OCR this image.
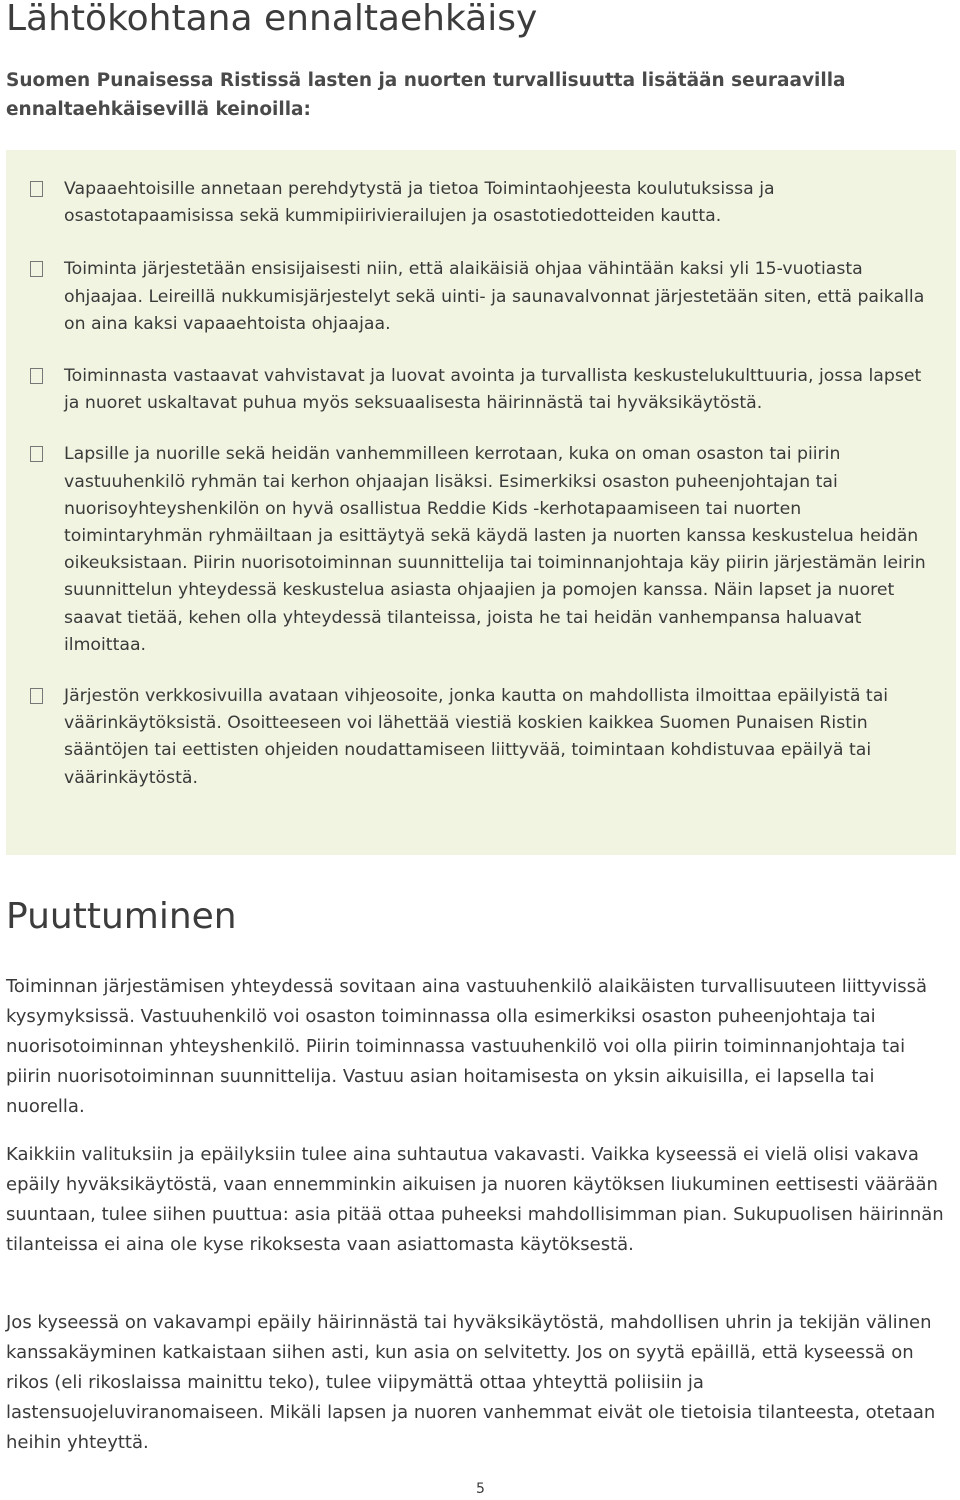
Lähtökohtana ennaltaehkäisy

Suomen Punaisessa Ristissä lasten ja nuorten turvallisuutta lisätään seuraavilla ennaltaehkäisevillä keinoilla:

Vapaaehtoisille annetaan perehdytystä ja tietoa Toimintaohjeesta koulutuksissa ja osastotapaamisissa sekä kummipiirivierailujen ja osastotiedotteiden kautta.
Toiminta järjestetään ensisijaisesti niin, että alaikäisiä ohjaa vähintään kaksi yli 15-vuotiasta ohjaajaa. Leireillä nukkumisjärjestelyt sekä uinti- ja saunavalvonnat järjestetään siten, että paikalla on aina kaksi vapaaehtoista ohjaajaa.
Toiminnasta vastaavat vahvistavat ja luovat avointa ja turvallista keskustelukulttuuria, jossa lapset ja nuoret uskaltavat puhua myös seksuaalisesta häirinnästä tai hyväksikäytöstä.
Lapsille ja nuorille sekä heidän vanhemmilleen kerrotaan, kuka on oman osaston tai piirin vastuuhenkilö ryhmän tai kerhon ohjaajan lisäksi. Esimerkiksi osaston puheenjohtajan tai nuorisoyhteyshenkilön on hyvä osallistua Reddie Kids -kerhotapaamiseen tai nuorten toimintaryhmän ryhmäiltaan ja esittäytyä sekä käydä lasten ja nuorten kanssa keskustelua heidän oikeuksistaan. Piirin nuorisotoiminnan suunnittelija tai toiminnanjohtaja käy piirin järjestämän leirin suunnittelun yhteydessä keskustelua asiasta ohjaajien ja pomojen kanssa. Näin lapset ja nuoret saavat tietää, kehen olla yhteydessä tilanteissa, joista he tai heidän vanhempansa haluavat ilmoittaa.
Järjestön verkkosivuilla avataan vihjeosoite, jonka kautta on mahdollista ilmoittaa epäilyistä tai väärinkäytöksistä. Osoitteeseen voi lähettää viestiä koskien kaikkea Suomen Punaisen Ristin sääntöjen tai eettisten ohjeiden noudattamiseen liittyvää, toimintaan kohdistuvaa epäilyä tai väärinkäytöstä.
Puuttuminen

Toiminnan järjestämisen yhteydessä sovitaan aina vastuuhenkilö alaikäisten turvallisuuteen liittyvissä kysymyksissä. Vastuuhenkilö voi osaston toiminnassa olla esimerkiksi osaston puheenjohtaja tai nuorisotoiminnan yhteyshenkilö. Piirin toiminnassa vastuuhenkilö voi olla piirin toiminnanjohtaja tai piirin nuorisotoiminnan suunnittelija. Vastuu asian hoitamisesta on yksin aikuisilla, ei lapsella tai nuorella.

Kaikkiin valituksiin ja epäilyksiin tulee aina suhtautua vakavasti. Vaikka kyseessä ei vielä olisi vakava epäily hyväksikäytöstä, vaan ennemminkin aikuisen ja nuoren käytöksen liukuminen eettisesti väärään suuntaan, tulee siihen puuttua: asia pitää ottaa puheeksi mahdollisimman pian. Sukupuolisen häirinnän tilanteissa ei aina ole kyse rikoksesta vaan asiattomasta käytöksestä.

Jos kyseessä on vakavampi epäily häirinnästä tai hyväksikäytöstä, mahdollisen uhrin ja tekijän välinen kanssakäyminen katkaistaan siihen asti, kun asia on selvitetty. Jos on syytä epäillä, että kyseessä on rikos (eli rikoslaissa mainittu teko), tulee viipymättä ottaa yhteyttä poliisiin ja lastensuojeluviranomaiseen. Mikäli lapsen ja nuoren vanhemmat eivät ole tietoisia tilanteesta, otetaan heihin yhteyttä.

5
